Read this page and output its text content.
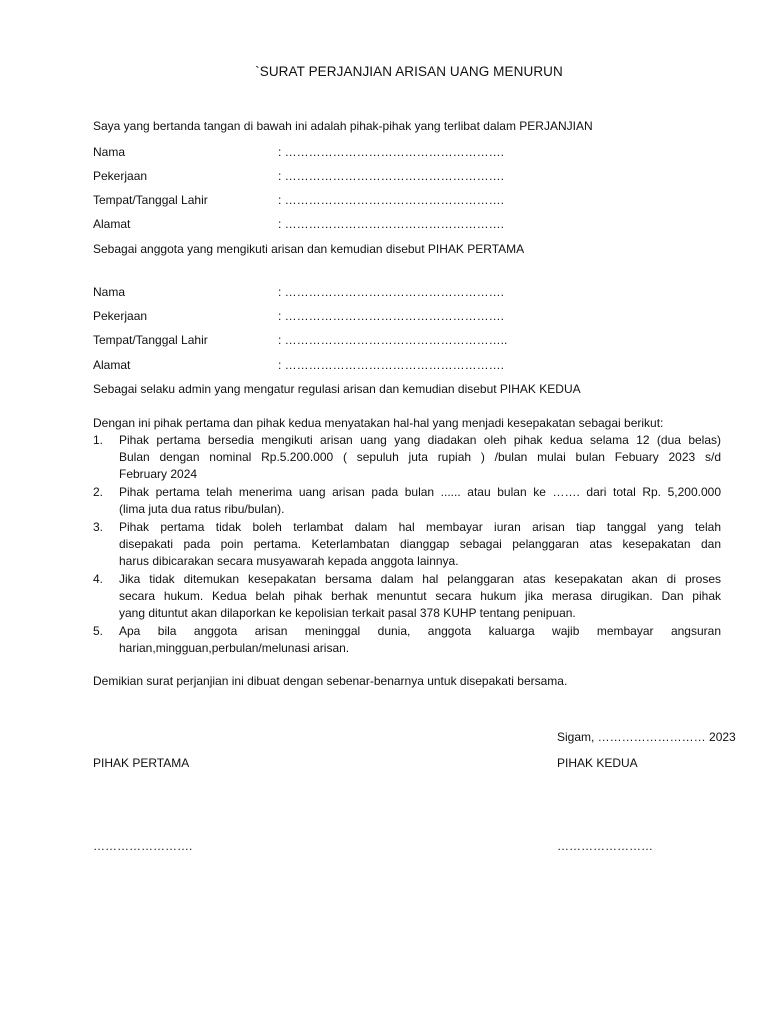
`SURAT PERJANJIAN ARISAN UANG MENURUN
Saya yang bertanda tangan di bawah ini adalah pihak-pihak yang terlibat dalam PERJANJIAN
Nama	: ……………………………………………….
Pekerjaan	: ……………………………………………….
Tempat/Tanggal Lahir	: ……………………………………………….
Alamat	: ……………………………………………….
Sebagai anggota yang mengikuti arisan dan kemudian disebut PIHAK PERTAMA
Nama	: ……………………………………………….
Pekerjaan	: ……………………………………………….
Tempat/Tanggal Lahir	: ………………………………………………..
Alamat	: ……………………………………………….
Sebagai selaku admin yang mengatur regulasi arisan dan kemudian disebut PIHAK KEDUA
Dengan ini pihak pertama dan pihak kedua menyatakan hal-hal yang menjadi kesepakatan sebagai berikut:
1.	Pihak pertama bersedia mengikuti arisan uang yang diadakan oleh pihak kedua selama 12 (dua belas)
Bulan dengan nominal Rp.5.200.000 ( sepuluh juta rupiah ) /bulan mulai bulan Febuary 2023 s/d
February 2024
2.	Pihak pertama telah menerima uang arisan pada bulan ...... atau bulan ke ……. dari total Rp. 5,200.000
(lima juta dua ratus ribu/bulan).
3.	Pihak pertama tidak boleh terlambat dalam hal membayar iuran arisan tiap tanggal yang telah
disepakati pada poin pertama. Keterlambatan dianggap sebagai pelanggaran atas kesepakatan dan
harus dibicarakan secara musyawarah kepada anggota lainnya.
4.	Jika tidak ditemukan kesepakatan bersama dalam hal pelanggaran atas kesepakatan akan di proses
secara hukum. Kedua belah pihak berhak menuntut secara hukum jika merasa dirugikan. Dan pihak
yang dituntut akan dilaporkan ke kepolisian terkait pasal 378 KUHP tentang penipuan.
5.	Apa bila anggota arisan meninggal dunia, anggota kaluarga wajib membayar angsuran
harian,mingguan,perbulan/melunasi arisan.
Demikian surat perjanjian ini dibuat dengan sebenar-benarnya untuk disepakati bersama.
Sigam, ……………………… 2023
PIHAK PERTAMA	PIHAK KEDUA
…………………….	……………………
